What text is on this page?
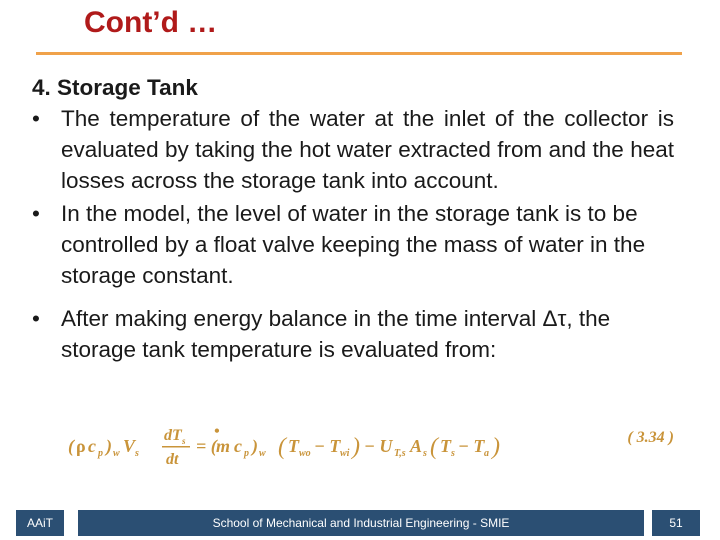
Cont’d …
4. Storage Tank
• The temperature of the water at the inlet of the collector is evaluated by taking the hot water extracted from and the heat losses across the storage tank into account.
• In the model, the level of water in the storage tank is to be controlled by a float valve keeping the mass of water in the storage constant.
• After making energy balance in the time interval Δτ, the storage tank temperature is evaluated from:
( ρ c p ) w V s
dT s
dt
= (
•
m c p ) w ( T wo − T wi ) − U T,s A s ( T s − T a )	( 3.34 )
AAiT	School of Mechanical and Industrial Engineering - SMIE	51
